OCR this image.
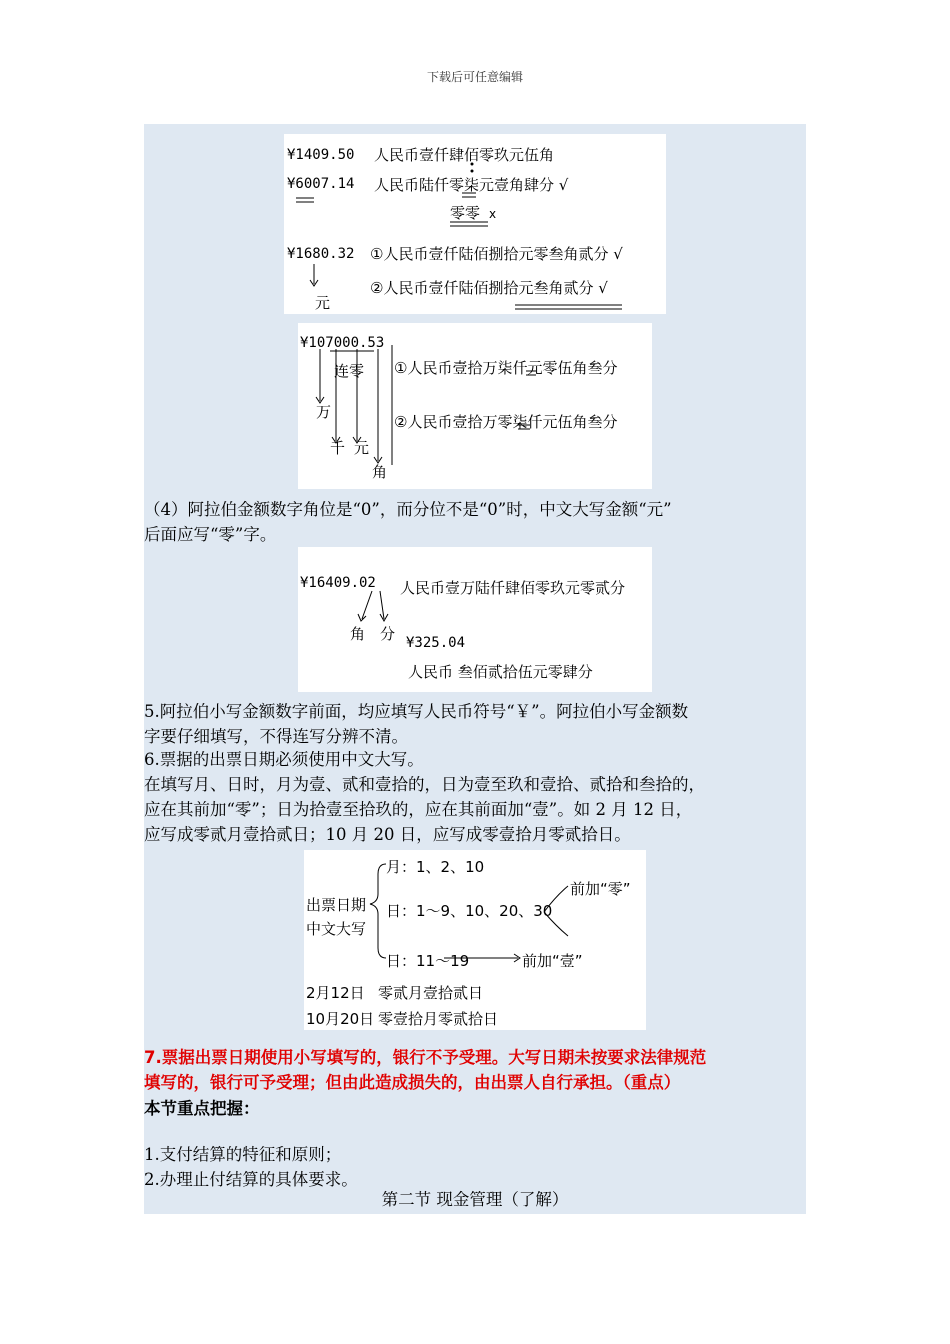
下载后可任意编辑
¥1409.50 人民币壹仟肆佰零玖元伍角
¥6007.14 人民币陆仟零柒元壹角肆分 √
零零 x
¥1680.32 ①人民币壹仟陆佰捌拾元零叁角贰分 √
②人民币壹仟陆佰捌拾元叁角贰分 √
元
¥107000.53
连零 ①人民币壹拾万柒仟元零伍角叁分
②人民币壹拾万零柒仟元伍角叁分
万
千 元
角
（4）阿拉伯金额数字角位是“0”，而分位不是“0”时，中文大写金额“元”
后面应写“零”字。
¥16409.02 人民币壹万陆仟肆佰零玖元零贰分
角 分 ¥325.04
人民币 叁佰贰拾伍元零肆分
5.阿拉伯小写金额数字前面，均应填写人民币符号“￥”。阿拉伯小写金额数
字要仔细填写，不得连写分辨不清。
6.票据的出票日期必须使用中文大写。
在填写月、日时，月为壹、贰和壹拾的，日为壹至玖和壹拾、贰拾和叁拾的，
应在其前加“零”；日为拾壹至拾玖的，应在其前面加“壹”。如 2 月 12 日，
应写成零贰月壹拾贰日；10 月 20 日，应写成零壹拾月零贰拾日。
出票日期
中文大写
月：1、2、10
日：1～9、10、20、30
前加“零”
日：11～19	前加“壹”
2月12日 零贰月壹拾贰日
10月20日 零壹拾月零贰拾日
7.票据出票日期使用小写填写的，银行不予受理。大写日期未按要求法律规范
填写的，银行可予受理；但由此造成损失的，由出票人自行承担。（重点）
本节重点把握：
1.支付结算的特征和原则；
2.办理止付结算的具体要求。
第二节 现金管理（了解）
